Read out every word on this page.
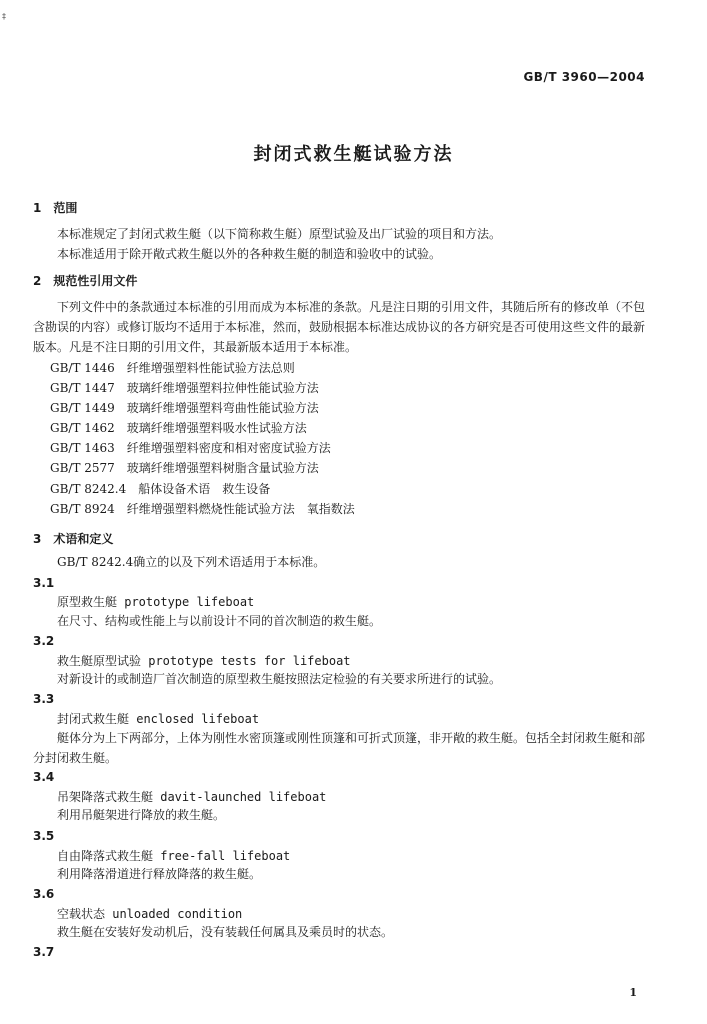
‡
GB/T 3960—2004
封闭式救生艇试验方法
1　范围
本标准规定了封闭式救生艇（以下简称救生艇）原型试验及出厂试验的项目和方法。
本标准适用于除开敞式救生艇以外的各种救生艇的制造和验收中的试验。
2　规范性引用文件
下列文件中的条款通过本标准的引用而成为本标准的条款。凡是注日期的引用文件，其随后所有的修改单（不包含勘误的内容）或修订版均不适用于本标准，然而，鼓励根据本标准达成协议的各方研究是否可使用这些文件的最新版本。凡是不注日期的引用文件，其最新版本适用于本标准。
GB/T 1446　纤维增强塑料性能试验方法总则
GB/T 1447　玻璃纤维增强塑料拉伸性能试验方法
GB/T 1449　玻璃纤维增强塑料弯曲性能试验方法
GB/T 1462　玻璃纤维增强塑料吸水性试验方法
GB/T 1463　纤维增强塑料密度和相对密度试验方法
GB/T 2577　玻璃纤维增强塑料树脂含量试验方法
GB/T 8242.4　船体设备术语　救生设备
GB/T 8924　纤维增强塑料燃烧性能试验方法　氧指数法
3　术语和定义
GB/T 8242.4确立的以及下列术语适用于本标准。
3.1
原型救生艇 prototype lifeboat
在尺寸、结构或性能上与以前设计不同的首次制造的救生艇。
3.2
救生艇原型试验 prototype tests for lifeboat
对新设计的或制造厂首次制造的原型救生艇按照法定检验的有关要求所进行的试验。
3.3
封闭式救生艇 enclosed lifeboat
艇体分为上下两部分，上体为刚性水密顶篷或刚性顶篷和可折式顶篷，非开敞的救生艇。包括全封闭救生艇和部分封闭救生艇。
3.4
吊架降落式救生艇 davit-launched lifeboat
利用吊艇架进行降放的救生艇。
3.5
自由降落式救生艇 free-fall lifeboat
利用降落滑道进行释放降落的救生艇。
3.6
空载状态 unloaded condition
救生艇在安装好发动机后，没有装载任何属具及乘员时的状态。
3.7
1
